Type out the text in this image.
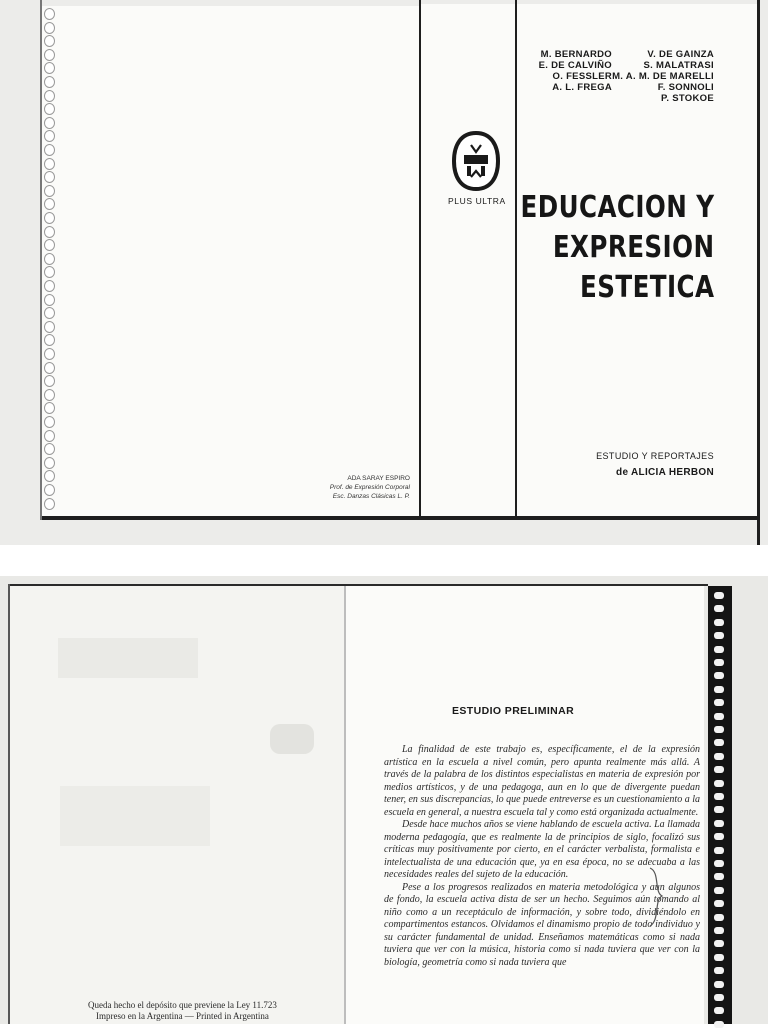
M. BERNARDO
E. DE CALVIÑO
O. FESSLER
A. L. FREGA
V. DE GAINZA
S. MALATRASI
M. A. M. DE MARELLI
F. SONNOLI
P. STOKOE
PLUS ULTRA EDUCACION Y
EXPRESION
ESTETICA
ESTUDIO Y REPORTAJES
de ALICIA HERBON
ADA SARAY ESPIRO
Prof. de Expresión Corporal
Esc. Danzas Clásicas L. P.
ESTUDIO PRELIMINAR

La finalidad de este trabajo es, específicamente, el de la expresión artística en la escuela a nivel común, pero apunta realmente más allá. A través de la palabra de los distintos especialistas en materia de expresión por medios artísticos, y de una pedagoga, aun en lo que de divergente puedan tener, en sus discrepancias, lo que puede entreverse es un cuestionamiento a la escuela en general, a nuestra escuela tal y como está organizada actualmente.

Desde hace muchos años se viene hablando de escuela activa. La llamada moderna pedagogía, que es realmente la de principios de siglo, focalizó sus críticas muy positivamente por cierto, en el carácter verbalista, formalista e intelectualista de una educación que, ya en esa época, no se adecuaba a las necesidades reales del sujeto de la educación.

Pese a los progresos realizados en materia metodológica y aun algunos de fondo, la escuela activa dista de ser un hecho. Seguimos aún tomando al niño como a un receptáculo de información, y sobre todo, dividiéndolo en compartimentos estancos. Olvidamos el dinamismo propio de todo individuo y su carácter fundamental de unidad. Enseñamos matemáticas como si nada tuviera que ver con la música, historia como si nada tuviera que ver con la biología, geometría como si nada tuviera que

Queda hecho el depósito que previene la Ley 11.723
Impreso en la Argentina — Printed in Argentina
